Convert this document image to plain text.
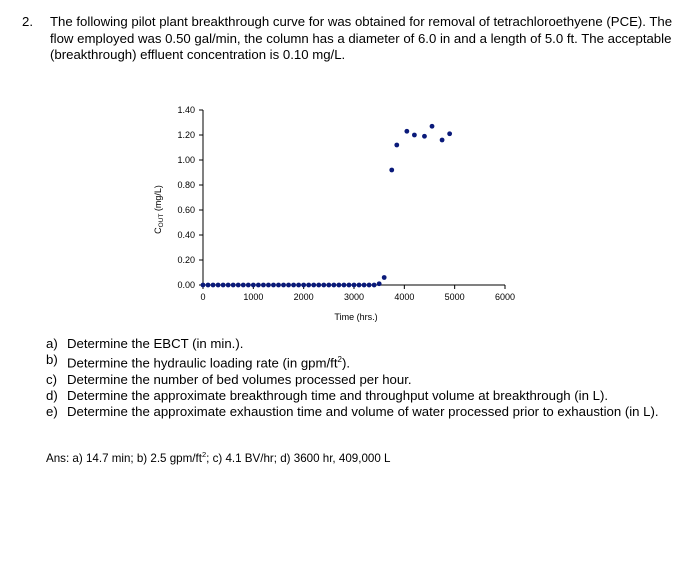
2. The following pilot plant breakthrough curve for was obtained for removal of tetrachloroethyene (PCE). The flow employed was 0.50 gal/min, the column has a diameter of 6.0 in and a length of 5.0 ft. The acceptable (breakthrough) effluent concentration is 0.10 mg/L.
0.00
0.20
0.40
0.60
0.80
1.00
1.20
1.40
0	1000	2000	3000	4000	5000	6000
Time (hrs.)
$C_{OUT}$ (mg/L)
a) Determine the EBCT (in min.).
b) Determine the hydraulic loading rate (in gpm/$ft^2$).
c) Determine the number of bed volumes processed per hour.
d) Determine the approximate breakthrough time and throughput volume at breakthrough (in L).
e) Determine the approximate exhaustion time and volume of water processed prior to exhaustion (in L).
Ans: a) 14.7 min; b) 2.5 gpm/$ft^2$; c) 4.1 BV/hr; d) 3600 hr, 409,000 L
